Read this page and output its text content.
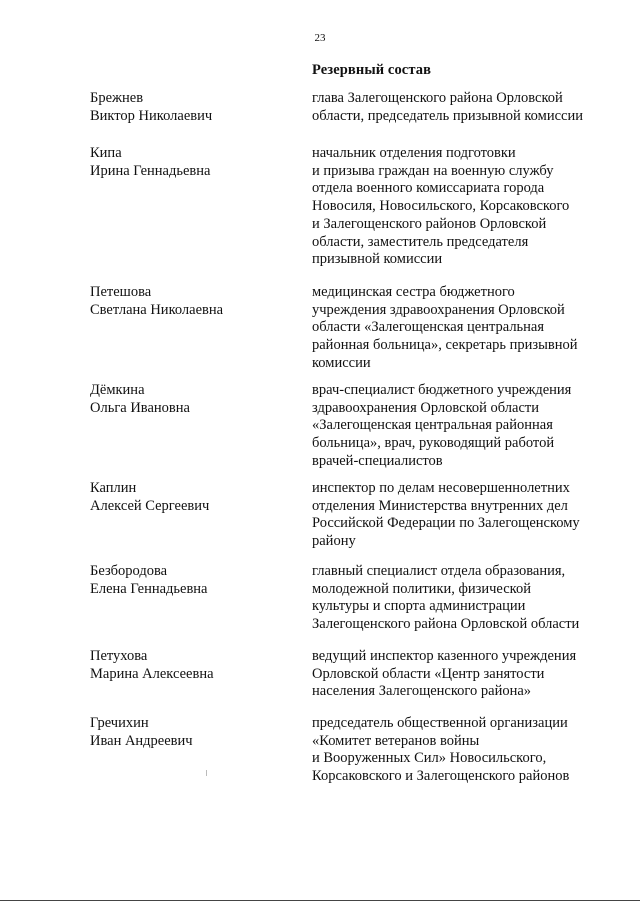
23
Резервный состав
Брежнев
Виктор Николаевич
глава Залегощенского района Орловской
области, председатель призывной комиссии
Кипа
Ирина Геннадьевна
начальник отделения подготовки
и призыва граждан на военную службу
отдела военного комиссариата города
Новосиля, Новосильского, Корсаковского
и Залегощенского районов Орловской
области, заместитель председателя
призывной комиссии
Петешова
Светлана Николаевна
медицинская сестра бюджетного
учреждения здравоохранения Орловской
области «Залегощенская центральная
районная больница», секретарь призывной
комиссии
Дёмкина
Ольга Ивановна
врач-специалист бюджетного учреждения
здравоохранения Орловской области
«Залегощенская центральная районная
больница», врач, руководящий работой
врачей-специалистов
Каплин
Алексей Сергеевич
инспектор по делам несовершеннолетних
отделения Министерства внутренних дел
Российской Федерации по Залегощенскому
району
Безбородова
Елена Геннадьевна
главный специалист отдела образования,
молодежной политики, физической
культуры и спорта администрации
Залегощенского района Орловской области
Петухова
Марина Алексеевна
ведущий инспектор казенного учреждения
Орловской области «Центр занятости
населения Залегощенского района»
Гречихин
Иван Андреевич
председатель общественной организации
«Комитет ветеранов войны
и Вооруженных Сил» Новосильского,
Корсаковского и Залегощенского районов
